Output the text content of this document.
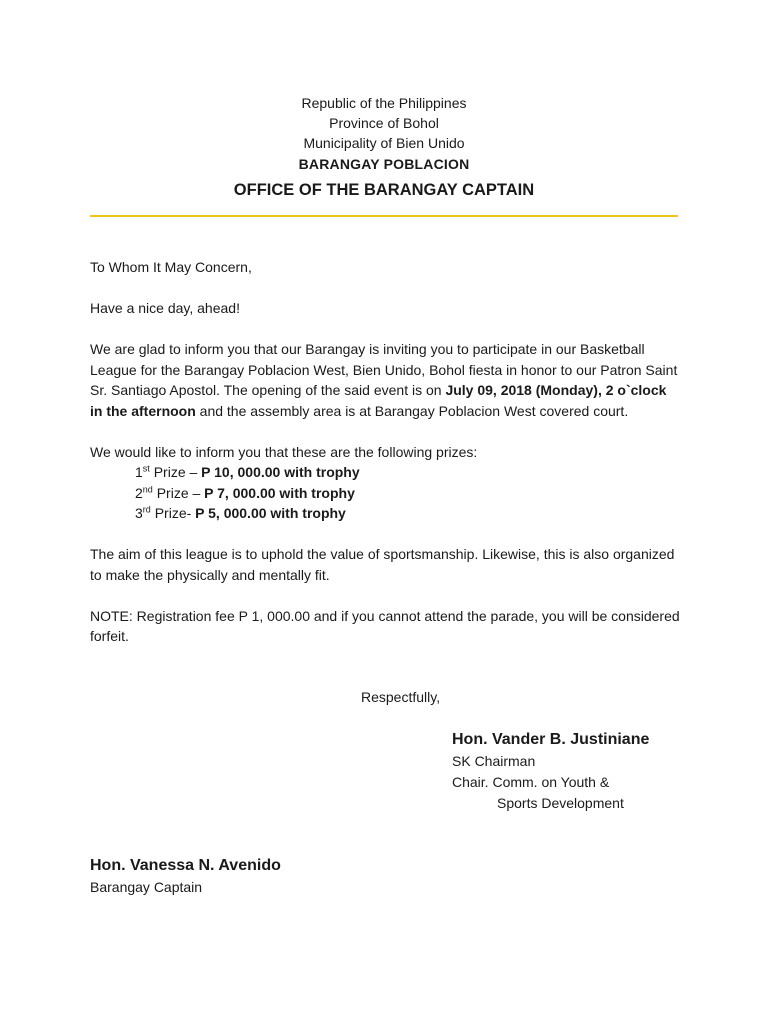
Republic of the Philippines
Province of Bohol
Municipality of Bien Unido
BARANGAY POBLACION
OFFICE OF THE BARANGAY CAPTAIN

To Whom It May Concern,

Have a nice day, ahead!

We are glad to inform you that our Barangay is inviting you to participate in our Basketball League for the Barangay Poblacion West, Bien Unido, Bohol fiesta in honor to our Patron Saint Sr. Santiago Apostol. The opening of the said event is on July 09, 2018 (Monday), 2 o`clock in the afternoon and the assembly area is at Barangay Poblacion West covered court.

We would like to inform you that these are the following prizes:
1st Prize – P 10, 000.00 with trophy
2nd Prize – P 7, 000.00 with trophy
3rd Prize- P 5, 000.00 with trophy

The aim of this league is to uphold the value of sportsmanship. Likewise, this is also organized to make the physically and mentally fit.

NOTE: Registration fee P 1, 000.00 and if you cannot attend the parade, you will be considered forfeit.

Respectfully,
Hon. Vander B. Justiniane
SK Chairman
Chair. Comm. on Youth &
Sports Development
Hon. Vanessa N. Avenido
Barangay Captain
